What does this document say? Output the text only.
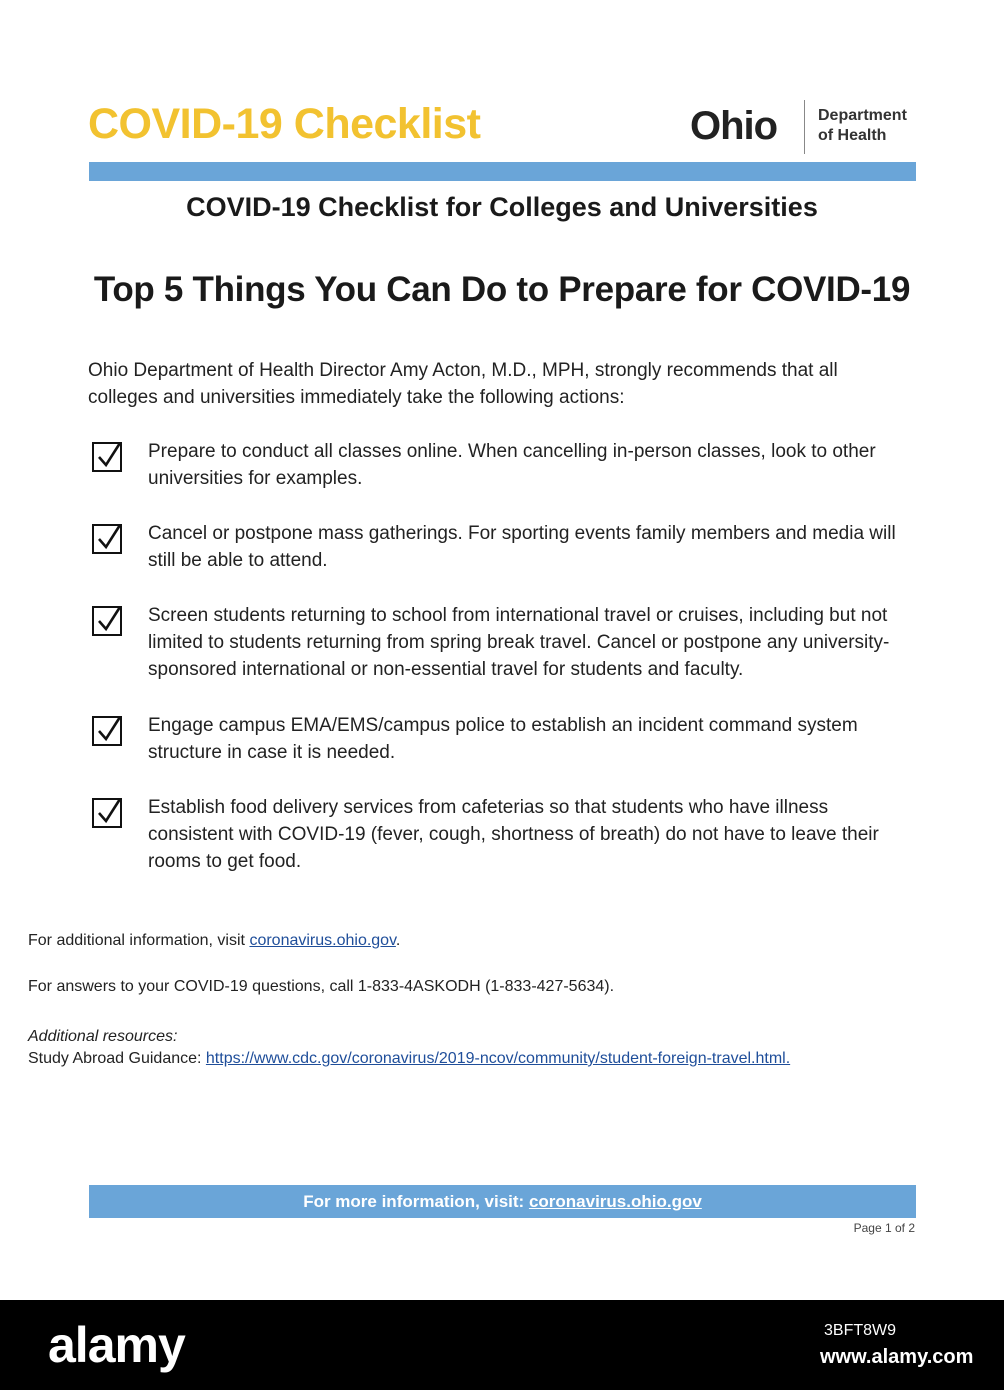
COVID-19 Checklist	Ohio	Department
of Health
COVID-19 Checklist for Colleges and Universities
Top 5 Things You Can Do to Prepare for COVID-19
Ohio Department of Health Director Amy Acton, M.D., MPH, strongly recommends that all colleges and universities immediately take the following actions:
Prepare to conduct all classes online. When cancelling in-person classes, look to other universities for examples.
Cancel or postpone mass gatherings. For sporting events family members and media will still be able to attend.
Screen students returning to school from international travel or cruises, including but not limited to students returning from spring break travel. Cancel or postpone any university-sponsored international or non-essential travel for students and faculty.
Engage campus EMA/EMS/campus police to establish an incident command system structure in case it is needed.
Establish food delivery services from cafeterias so that students who have illness consistent with COVID-19 (fever, cough, shortness of breath) do not have to leave their rooms to get food.
For additional information, visit coronavirus.ohio.gov.
For answers to your COVID-19 questions, call 1-833-4ASKODH (1-833-427-5634).
Additional resources:
Study Abroad Guidance: https://www.cdc.gov/coronavirus/2019-ncov/community/student-foreign-travel.html.
For more information, visit: coronavirus.ohio.gov
Page 1 of 2
alamy	3BFT8W9
www.alamy.com
